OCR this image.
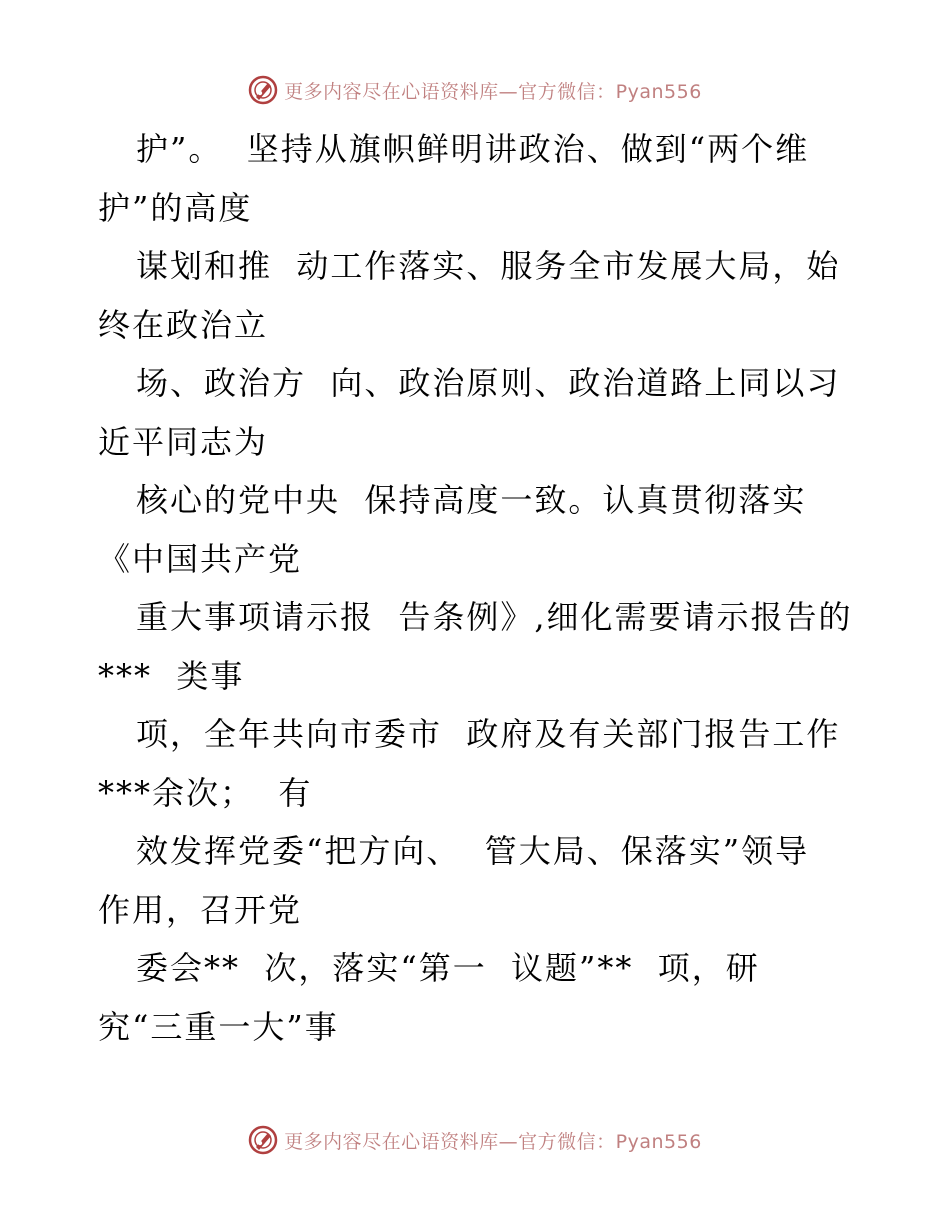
更多内容尽在心语资料库—官方微信：Pyan556
护”。  坚持从旗帜鲜明讲政治、做到“两个维
护”的高度
谋划和推  动工作落实、服务全市发展大局，始
终在政治立
场、政治方  向、政治原则、政治道路上同以习
近平同志为
核心的党中央  保持高度一致。认真贯彻落实
《中国共产党
重大事项请示报  告条例》,细化需要请示报告的
***  类事
项，全年共向市委市  政府及有关部门报告工作
***余次；  有
效发挥党委“把方向、  管大局、保落实”领导
作用，召开党
委会**  次，落实“第一  议题”**  项，研
究“三重一大”事
更多内容尽在心语资料库—官方微信：Pyan556
